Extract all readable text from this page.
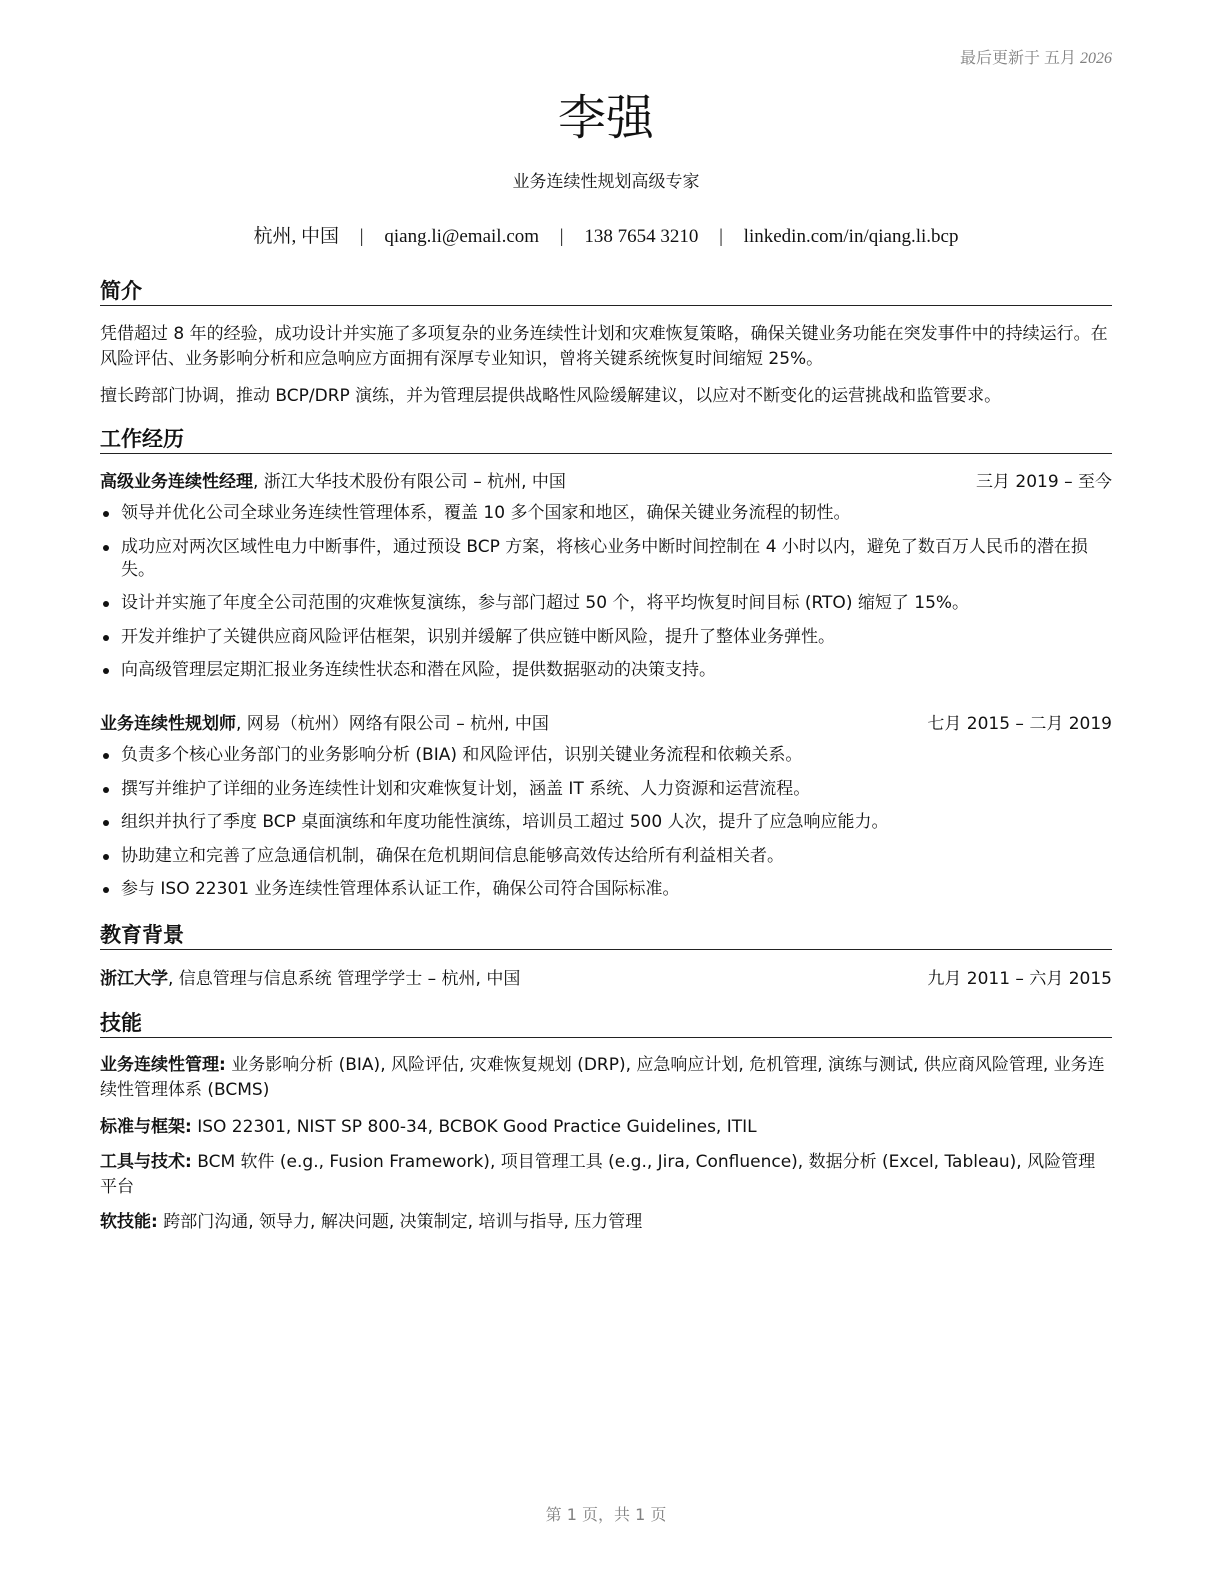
最后更新于 五月 2026
李强
业务连续性规划高级专家
杭州, 中国 | qiang.li@email.com | 138 7654 3210 | linkedin.com/in/qiang.li.bcp
简介
凭借超过 8 年的经验，成功设计并实施了多项复杂的业务连续性计划和灾难恢复策略，确保关键业务功能在突发事件中的持续运行。在风险评估、业务影响分析和应急响应方面拥有深厚专业知识，曾将关键系统恢复时间缩短 25%。
擅长跨部门协调，推动 BCP/DRP 演练，并为管理层提供战略性风险缓解建议，以应对不断变化的运营挑战和监管要求。
工作经历
高级业务连续性经理, 浙江大华技术股份有限公司 – 杭州, 中国	三月 2019 – 至今
领导并优化公司全球业务连续性管理体系，覆盖 10 多个国家和地区，确保关键业务流程的韧性。
成功应对两次区域性电力中断事件，通过预设 BCP 方案，将核心业务中断时间控制在 4 小时以内，避免了数百万人民币的潜在损失。
设计并实施了年度全公司范围的灾难恢复演练，参与部门超过 50 个，将平均恢复时间目标 (RTO) 缩短了 15%。
开发并维护了关键供应商风险评估框架，识别并缓解了供应链中断风险，提升了整体业务弹性。
向高级管理层定期汇报业务连续性状态和潜在风险，提供数据驱动的决策支持。
业务连续性规划师, 网易（杭州）网络有限公司 – 杭州, 中国	七月 2015 – 二月 2019
负责多个核心业务部门的业务影响分析 (BIA) 和风险评估，识别关键业务流程和依赖关系。
撰写并维护了详细的业务连续性计划和灾难恢复计划，涵盖 IT 系统、人力资源和运营流程。
组织并执行了季度 BCP 桌面演练和年度功能性演练，培训员工超过 500 人次，提升了应急响应能力。
协助建立和完善了应急通信机制，确保在危机期间信息能够高效传达给所有利益相关者。
参与 ISO 22301 业务连续性管理体系认证工作，确保公司符合国际标准。
教育背景
浙江大学, 信息管理与信息系统 管理学学士 – 杭州, 中国	九月 2011 – 六月 2015
技能
业务连续性管理: 业务影响分析 (BIA), 风险评估, 灾难恢复规划 (DRP), 应急响应计划, 危机管理, 演练与测试, 供应商风险管理, 业务连续性管理体系 (BCMS)
标准与框架: ISO 22301, NIST SP 800-34, BCBOK Good Practice Guidelines, ITIL
工具与技术: BCM 软件 (e.g., Fusion Framework), 项目管理工具 (e.g., Jira, Confluence), 数据分析 (Excel, Tableau), 风险管理平台
软技能: 跨部门沟通, 领导力, 解决问题, 决策制定, 培训与指导, 压力管理
第 1 页，共 1 页
